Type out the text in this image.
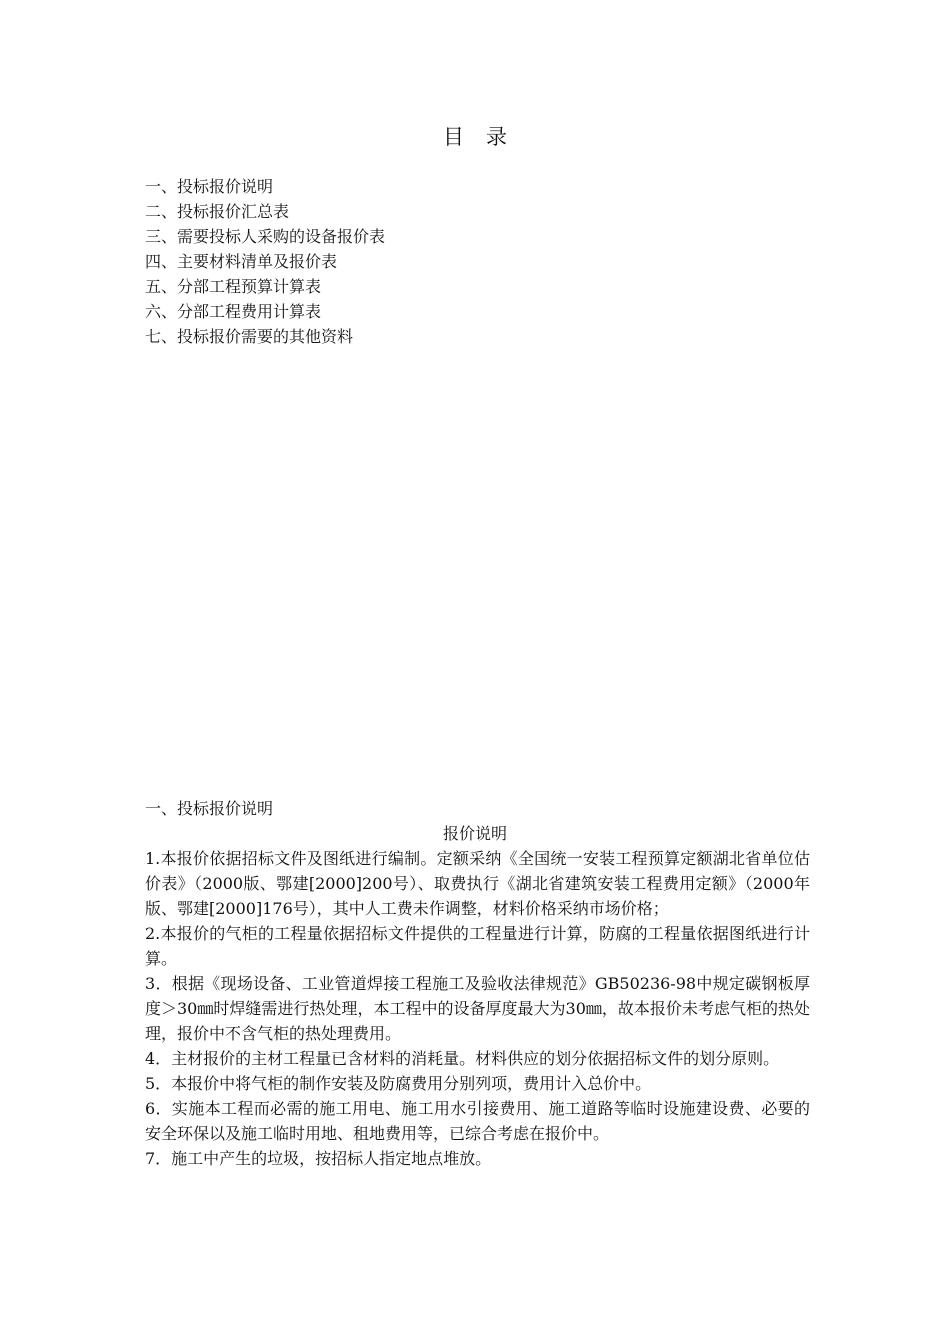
目录
一、投标报价说明
二、投标报价汇总表
三、需要投标人采购的设备报价表
四、主要材料清单及报价表
五、分部工程预算计算表
六、分部工程费用计算表
七、投标报价需要的其他资料
一、投标报价说明
报价说明

1.本报价依据招标文件及图纸进行编制。定额采纳《全国统一安装工程预算定额湖北省单位估价表》（2000版、鄂建[2000]200号）、取费执行《湖北省建筑安装工程费用定额》（2000年版、鄂建[2000]176号），其中人工费未作调整，材料价格采纳市场价格；

2.本报价的气柜的工程量依据招标文件提供的工程量进行计算，防腐的工程量依据图纸进行计算。

3．根据《现场设备、工业管道焊接工程施工及验收法律规范》GB50236-98中规定碳钢板厚度＞30㎜时焊缝需进行热处理，本工程中的设备厚度最大为30㎜，故本报价未考虑气柜的热处理，报价中不含气柜的热处理费用。

4．主材报价的主材工程量已含材料的消耗量。材料供应的划分依据招标文件的划分原则。

5．本报价中将气柜的制作安装及防腐费用分别列项，费用计入总价中。

6．实施本工程而必需的施工用电、施工用水引接费用、施工道路等临时设施建设费、必要的安全环保以及施工临时用地、租地费用等，已综合考虑在报价中。

7．施工中产生的垃圾，按招标人指定地点堆放。
